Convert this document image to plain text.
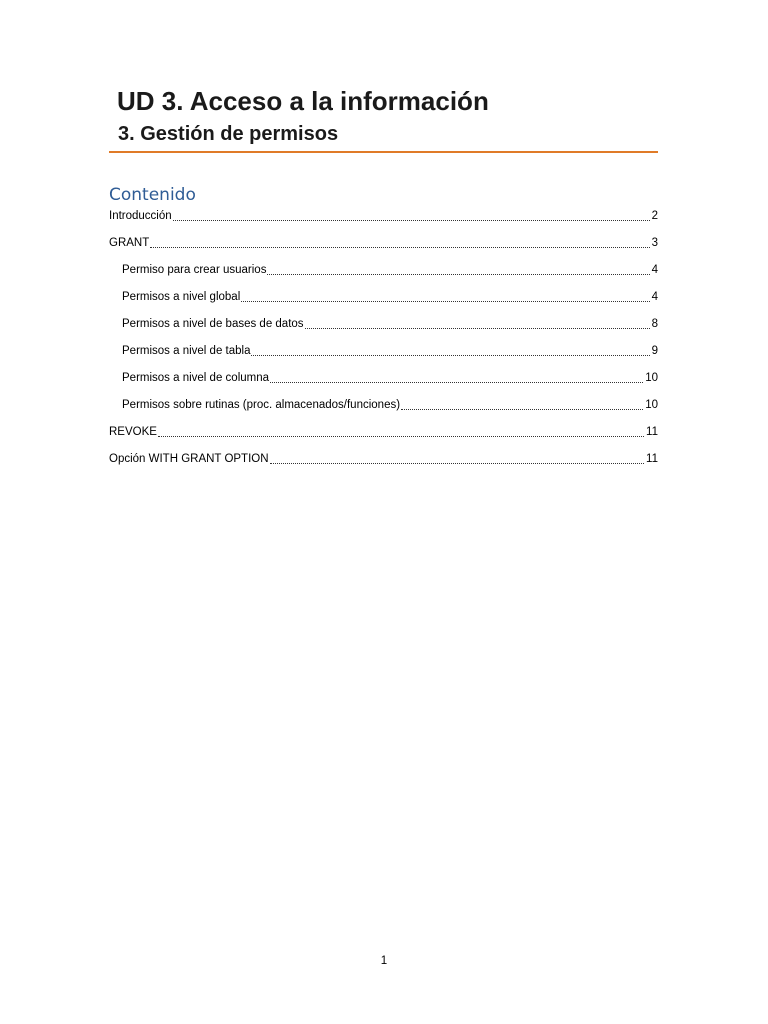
UD 3. Acceso a la información
3. Gestión de permisos
Contenido
Introducción	2
GRANT	3
Permiso para crear usuarios	4
Permisos a nivel global	4
Permisos a nivel de bases de datos	8
Permisos a nivel de tabla	9
Permisos a nivel de columna	10
Permisos sobre rutinas (proc. almacenados/funciones)	10
REVOKE	11
Opción WITH GRANT OPTION	11
1
